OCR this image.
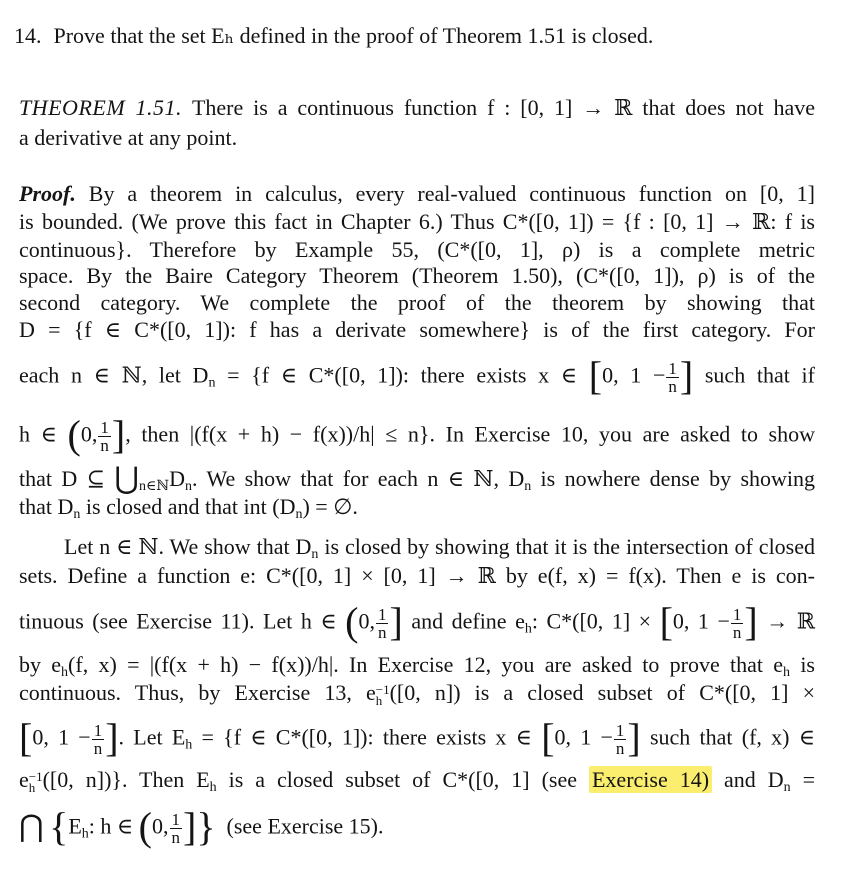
14. Prove that the set Eₕ defined in the proof of Theorem 1.51 is closed.
THEOREM 1.51. There is a continuous function f : [0, 1] → ℝ that does not have
a derivative at any point.
Proof. By a theorem in calculus, every real-valued continuous function on [0, 1]
is bounded. (We prove this fact in Chapter 6.) Thus C*([0, 1]) = {f : [0, 1] → ℝ: f is
continuous}. Therefore by Example 55, (C*([0, 1], ρ) is a complete metric
space. By the Baire Category Theorem (Theorem 1.50), (C*([0, 1]), ρ) is of the
second category. We complete the proof of the theorem by showing that
D = {f ∈ C*([0, 1]): f has a derivate somewhere} is of the first category. For
each n ∈ ℕ, let $D_n = \{f$ ∈ C*([0, 1]): there exists x ∈ [0, $1 - \frac{1}{n}$ ] such that if
h ∈ (0, $\frac{1}{n}$ ], then |(f(x + h) − f(x))/h| ≤ n}. In Exercise 10, you are asked to show
that D ⊆ $⋃_{n\in ℕ}D_n$. We show that for each n ∈ ℕ, $D_n$ is nowhere dense by showing
that $D_n$ is closed and that int $(D_n)$ = ∅.
Let n ∈ ℕ. We show that $D_n$ is closed by showing that it is the intersection of closed
sets. Define a function e: C*([0, 1] × [0, 1] → ℝ by e(f, x) = f(x). Then e is con-
tinuous (see Exercise 11). Let h ∈ (0, $\frac{1}{n}$ ] and define $e_h$: C*([0, 1] × [0, $1 - \frac{1}{n}$ ] → ℝ
by $e_h(f$, x) = |(f(x + h) − f(x))/h|. In Exercise 12, you are asked to prove that $e_h$ is
continuous. Thus, by Exercise 13, e −1
h ([0, n]) is a closed subset of C*([0, 1] ×
[0, $1 - \frac{1}{n}$ ]. Let $E_h = \{f$ ∈ C*([0, 1]): there exists x ∈ [0, $1 - \frac{1}{n}$ ] such that (f, x) ∈
e −1
h ([0, n])}. Then $E_h$ is a closed subset of C*([0, 1] (see Exercise 14) and $D_n$ =
⋂ {$E_h$: h ∈ (0, $\frac{1}{n}$ ]} (see Exercise 15).
